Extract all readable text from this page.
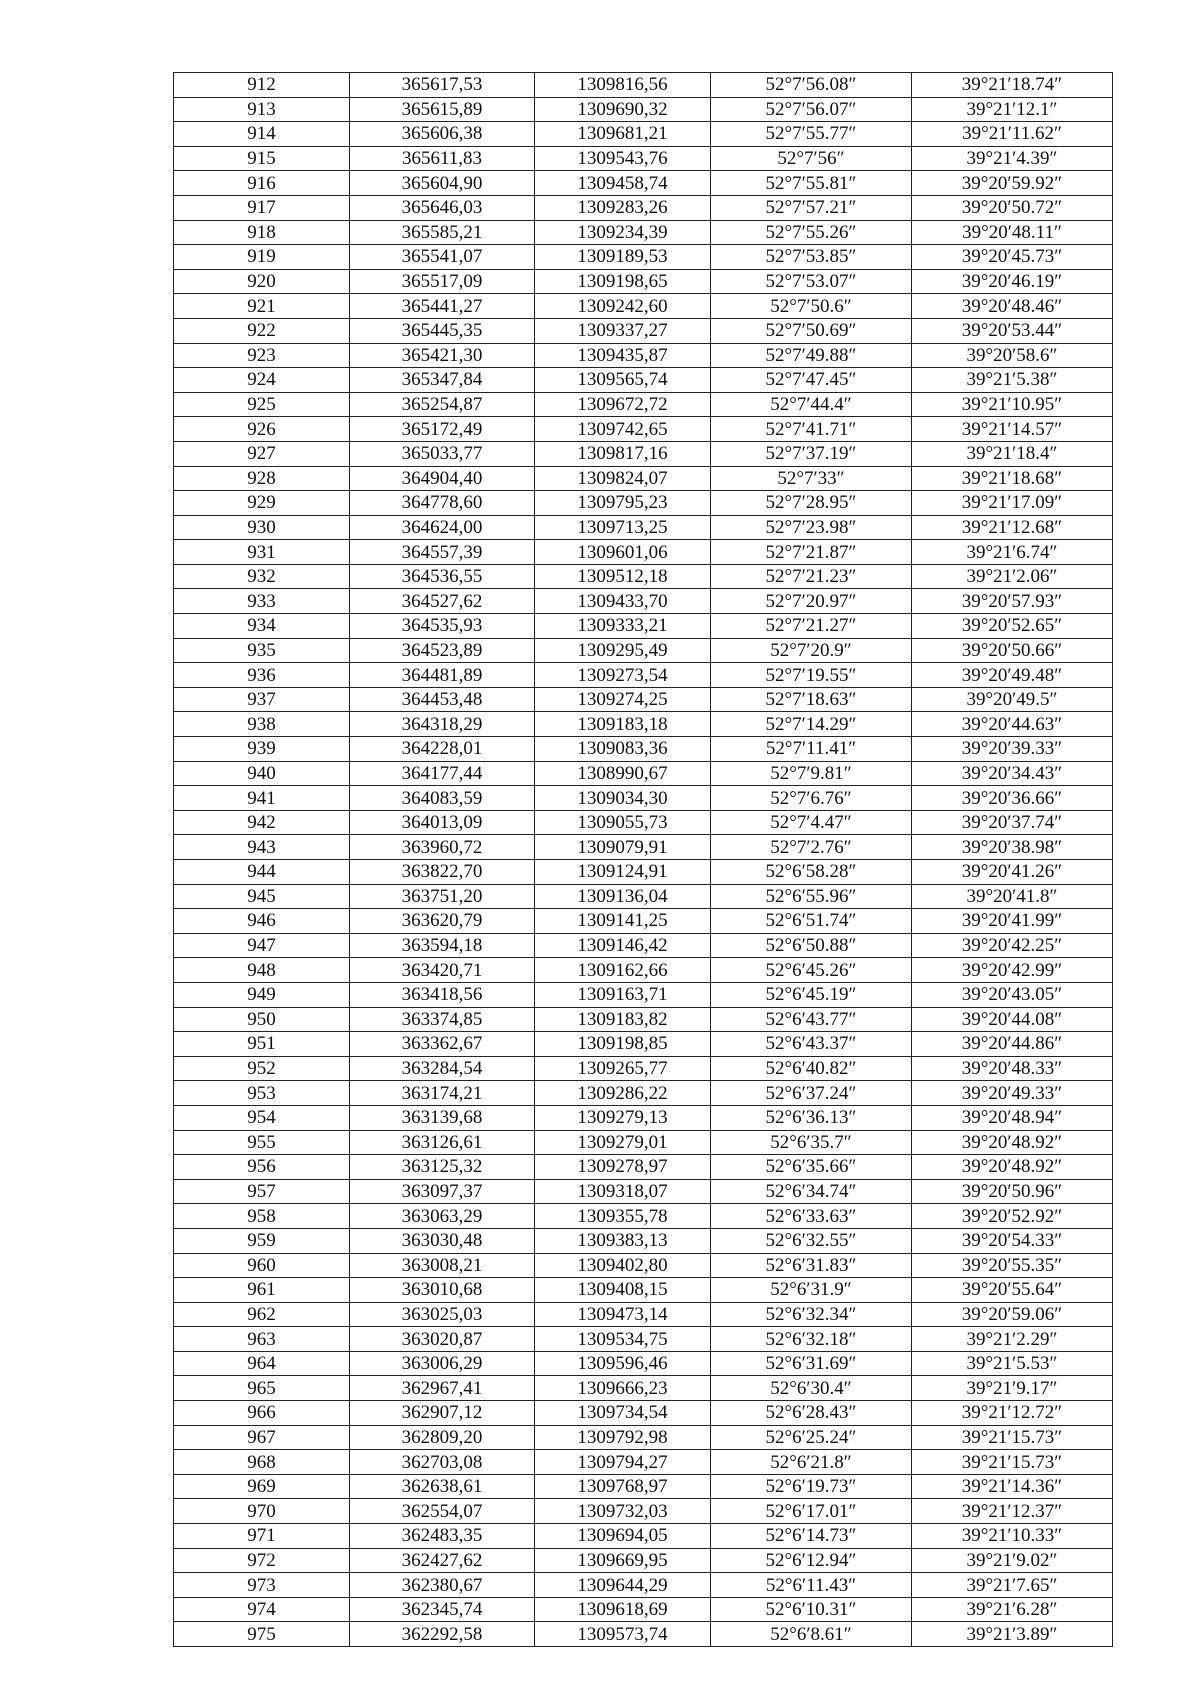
912	365617,53	1309816,56	52°7′56.08″	39°21′18.74″
913	365615,89	1309690,32	52°7′56.07″	39°21′12.1″
914	365606,38	1309681,21	52°7′55.77″	39°21′11.62″
915	365611,83	1309543,76	52°7′56″	39°21′4.39″
916	365604,90	1309458,74	52°7′55.81″	39°20′59.92″
917	365646,03	1309283,26	52°7′57.21″	39°20′50.72″
918	365585,21	1309234,39	52°7′55.26″	39°20′48.11″
919	365541,07	1309189,53	52°7′53.85″	39°20′45.73″
920	365517,09	1309198,65	52°7′53.07″	39°20′46.19″
921	365441,27	1309242,60	52°7′50.6″	39°20′48.46″
922	365445,35	1309337,27	52°7′50.69″	39°20′53.44″
923	365421,30	1309435,87	52°7′49.88″	39°20′58.6″
924	365347,84	1309565,74	52°7′47.45″	39°21′5.38″
925	365254,87	1309672,72	52°7′44.4″	39°21′10.95″
926	365172,49	1309742,65	52°7′41.71″	39°21′14.57″
927	365033,77	1309817,16	52°7′37.19″	39°21′18.4″
928	364904,40	1309824,07	52°7′33″	39°21′18.68″
929	364778,60	1309795,23	52°7′28.95″	39°21′17.09″
930	364624,00	1309713,25	52°7′23.98″	39°21′12.68″
931	364557,39	1309601,06	52°7′21.87″	39°21′6.74″
932	364536,55	1309512,18	52°7′21.23″	39°21′2.06″
933	364527,62	1309433,70	52°7′20.97″	39°20′57.93″
934	364535,93	1309333,21	52°7′21.27″	39°20′52.65″
935	364523,89	1309295,49	52°7′20.9″	39°20′50.66″
936	364481,89	1309273,54	52°7′19.55″	39°20′49.48″
937	364453,48	1309274,25	52°7′18.63″	39°20′49.5″
938	364318,29	1309183,18	52°7′14.29″	39°20′44.63″
939	364228,01	1309083,36	52°7′11.41″	39°20′39.33″
940	364177,44	1308990,67	52°7′9.81″	39°20′34.43″
941	364083,59	1309034,30	52°7′6.76″	39°20′36.66″
942	364013,09	1309055,73	52°7′4.47″	39°20′37.74″
943	363960,72	1309079,91	52°7′2.76″	39°20′38.98″
944	363822,70	1309124,91	52°6′58.28″	39°20′41.26″
945	363751,20	1309136,04	52°6′55.96″	39°20′41.8″
946	363620,79	1309141,25	52°6′51.74″	39°20′41.99″
947	363594,18	1309146,42	52°6′50.88″	39°20′42.25″
948	363420,71	1309162,66	52°6′45.26″	39°20′42.99″
949	363418,56	1309163,71	52°6′45.19″	39°20′43.05″
950	363374,85	1309183,82	52°6′43.77″	39°20′44.08″
951	363362,67	1309198,85	52°6′43.37″	39°20′44.86″
952	363284,54	1309265,77	52°6′40.82″	39°20′48.33″
953	363174,21	1309286,22	52°6′37.24″	39°20′49.33″
954	363139,68	1309279,13	52°6′36.13″	39°20′48.94″
955	363126,61	1309279,01	52°6′35.7″	39°20′48.92″
956	363125,32	1309278,97	52°6′35.66″	39°20′48.92″
957	363097,37	1309318,07	52°6′34.74″	39°20′50.96″
958	363063,29	1309355,78	52°6′33.63″	39°20′52.92″
959	363030,48	1309383,13	52°6′32.55″	39°20′54.33″
960	363008,21	1309402,80	52°6′31.83″	39°20′55.35″
961	363010,68	1309408,15	52°6′31.9″	39°20′55.64″
962	363025,03	1309473,14	52°6′32.34″	39°20′59.06″
963	363020,87	1309534,75	52°6′32.18″	39°21′2.29″
964	363006,29	1309596,46	52°6′31.69″	39°21′5.53″
965	362967,41	1309666,23	52°6′30.4″	39°21′9.17″
966	362907,12	1309734,54	52°6′28.43″	39°21′12.72″
967	362809,20	1309792,98	52°6′25.24″	39°21′15.73″
968	362703,08	1309794,27	52°6′21.8″	39°21′15.73″
969	362638,61	1309768,97	52°6′19.73″	39°21′14.36″
970	362554,07	1309732,03	52°6′17.01″	39°21′12.37″
971	362483,35	1309694,05	52°6′14.73″	39°21′10.33″
972	362427,62	1309669,95	52°6′12.94″	39°21′9.02″
973	362380,67	1309644,29	52°6′11.43″	39°21′7.65″
974	362345,74	1309618,69	52°6′10.31″	39°21′6.28″
975	362292,58	1309573,74	52°6′8.61″	39°21′3.89″
